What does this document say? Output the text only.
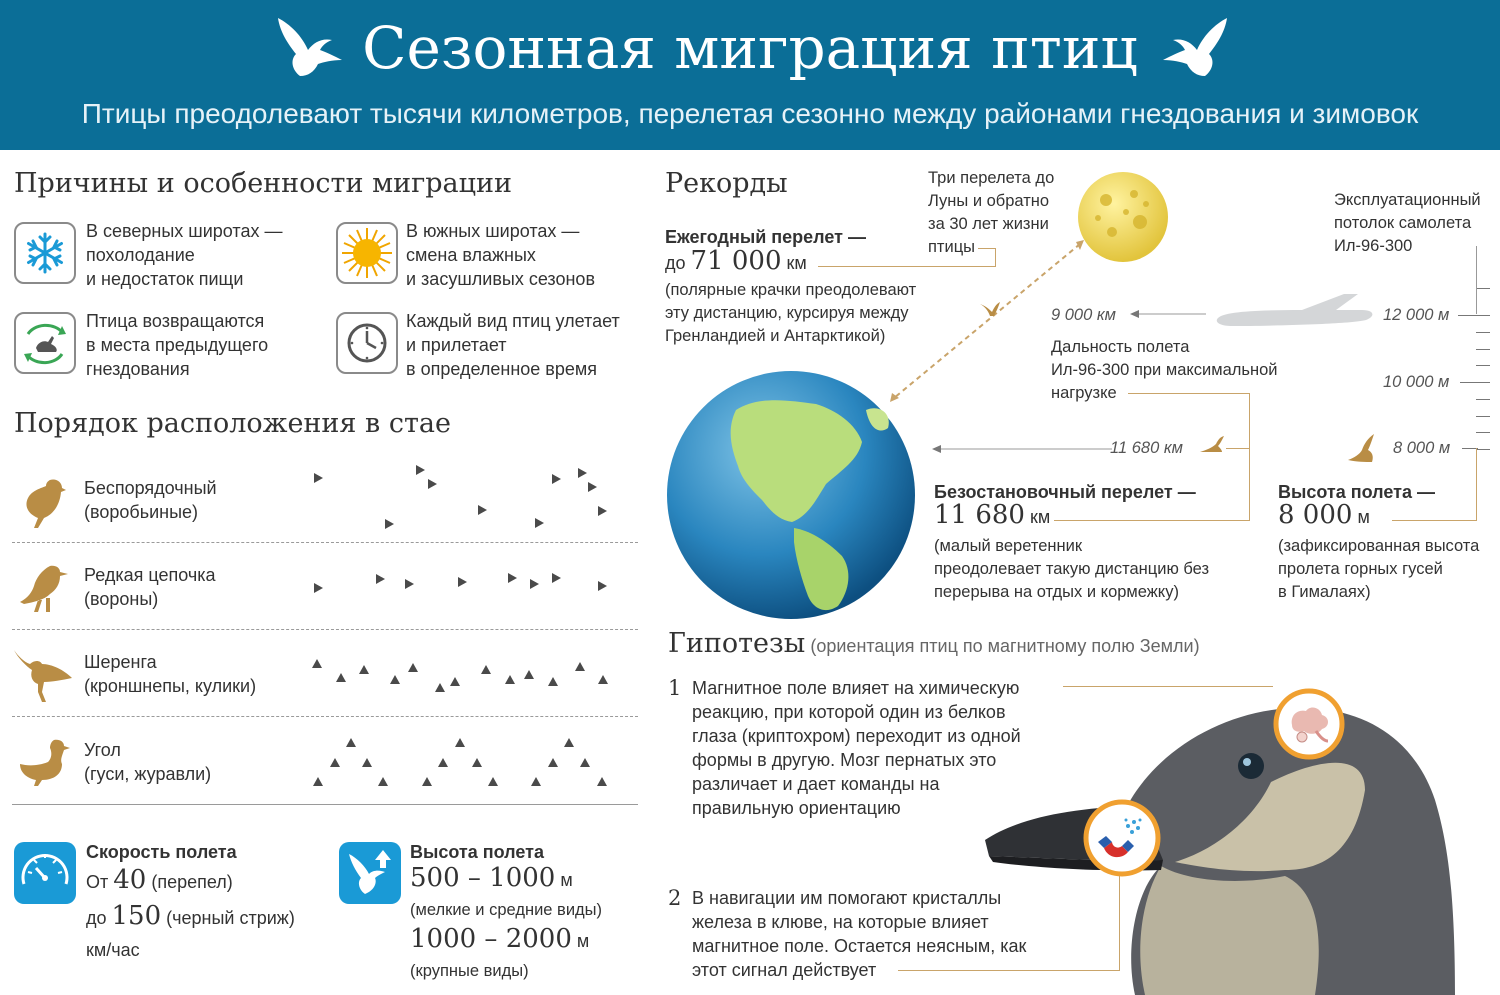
Сезонная миграция птиц
Птицы преодолевают тысячи километров, перелетая сезонно между районами гнездования и зимовок
Причины и особенности миграции
В северных широтах —
похолодание
и недостаток пищи
В южных широтах —
смена влажных
и засушливых сезонов
Птица возвращаются
в места предыдущего
гнездования
Каждый вид птиц улетает
и прилетает
в определенное время
Порядок расположения в стае
Беспорядочный
(воробьиные)
Редкая цепочка
(вороны)
Шеренга
(кроншнепы, кулики)
Угол
(гуси, журавли)
Скорость полета
От 40 (перепел)
до 150 (черный стриж)
км/час
Высота полета
500 – 1000 м
(мелкие и средние виды)
1000 – 2000 м
(крупные виды)
Рекорды
Ежегодный перелет —
до 71 000 км
(полярные крачки преодолевают
эту дистанцию, курсируя между
Гренландией и Антарктикой)
Три перелета до
Луны и обратно
за 30 лет жизни
птицы
Эксплуатационный
потолок самолета
Ил-96-300
12 000 м
10 000 м
8 000 м
9 000 км
Дальность полета
Ил-96-300 при максимальной
нагрузке
11 680 км
Безостановочный перелет —
11 680 км
(малый веретенник
преодолевает такую дистанцию без
перерыва на отдых и кормежку)
Высота полета —
8 000 м
(зафиксированная высота
пролета горных гусей
в Гималаях)
Гипотезы (ориентация птиц по магнитному полю Земли)
1 Магнитное поле влияет на химическую
реакцию, при которой один из белков
глаза (криптохром) переходит из одной
формы в другую. Мозг пернатых это
различает и дает команды на
правильную ориентацию
2 В навигации им помогают кристаллы
железа в клюве, на которые влияет
магнитное поле. Остается неясным, как
этот сигнал действует
